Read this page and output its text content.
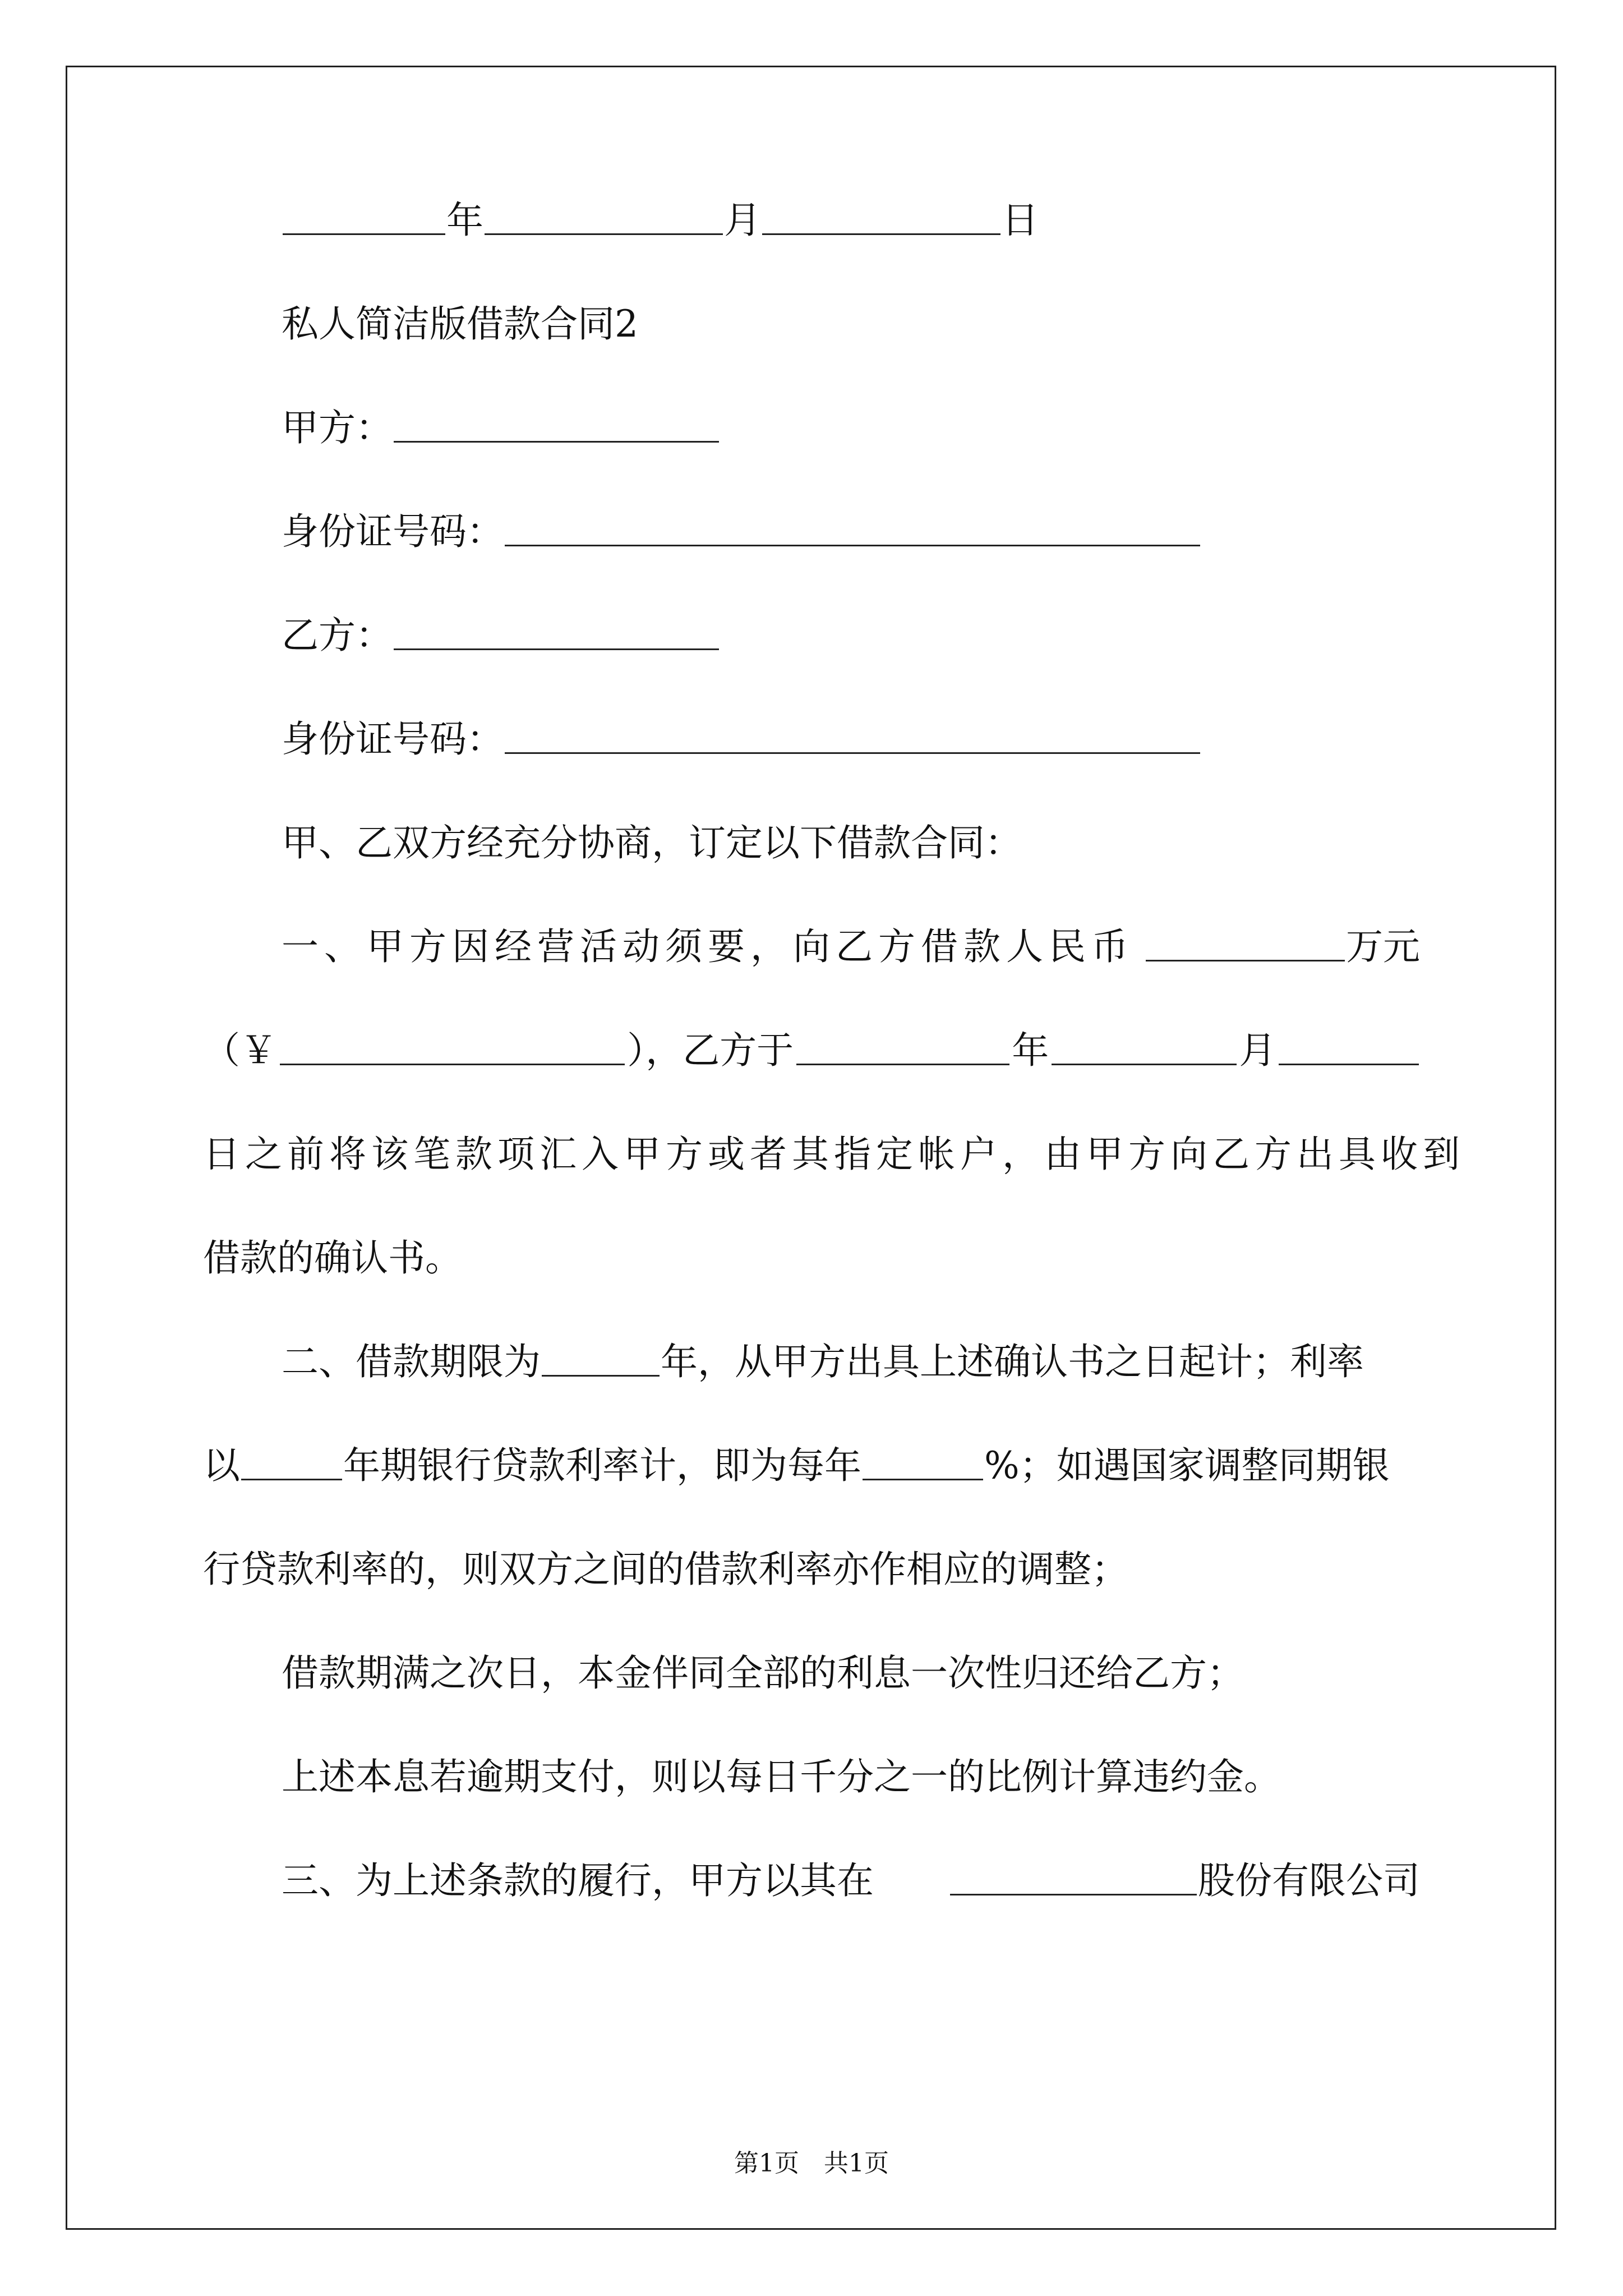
年	月	日
私人简洁版借款合同2
甲方：
身份证号码：
乙方：
身份证号码：
甲、乙双方经充分协商，订定以下借款合同：
一、甲方因经营活动须要，向乙方借款人民币	万元
（￥	），乙方于	年	月
日之前将该笔款项汇入甲方或者其指定帐户，由甲方向乙方出具收到
借款的确认书。
二、借款期限为	年，从甲方出具上述确认书之日起计；利率
以	年期银行贷款利率计，即为每年	%；如遇国家调整同期银
行贷款利率的，则双方之间的借款利率亦作相应的调整；
借款期满之次日，本金伴同全部的利息一次性归还给乙方；
上述本息若逾期支付，则以每日千分之一的比例计算违约金。
三、为上述条款的履行，甲方以其在	股份有限公司
第1页　共1页
